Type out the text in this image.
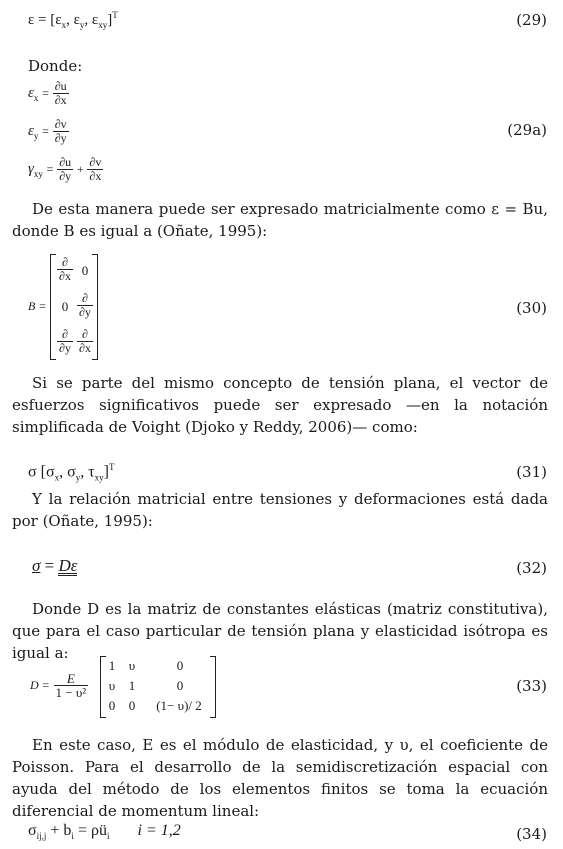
$\varepsilon = [\varepsilon_x$, $\varepsilon_y$, $\varepsilon_{xy}]^T$	(29)
Donde:
$\varepsilon_x = \frac{\partial u}{\partial x}$
$\varepsilon_y = \frac{\partial v}{\partial y}$	(29a)
$\gamma_{xy} = \frac{\partial u}{\partial y} + \frac{\partial v}{\partial x}$
De esta manera puede ser expresado matricialmente como ε = Bu, donde B es igual a (Oñate, 1995):
B =
$\frac{\partial}{\partial x} 0$
$0 \frac{\partial}{\partial y}$
$\frac{\partial}{\partial y} \frac{\partial}{\partial x}$
(30)
Si se parte del mismo concepto de tensión plana, el vector de esfuerzos significativos puede ser expresado —en la notación simplificada de Voight (Djoko y Reddy, 2006)— como:
σ [$\sigma_x$, $\sigma_y$, $\tau_{xy}]^T$	(31)
Y la relación matricial entre tensiones y deformaciones está dada por (Oñate, 1995):
σ = Dε	(32)
Donde D es la matriz de constantes elásticas (matriz constitutiva), que para el caso particular de tensión plana y elasticidad isótropa es igual a:
$D = \frac{E}{\text{1 − υ²}}$
1 υ	0
υ 1	0
0 0	(1− υ)/ 2
(33)
En este caso, E es el módulo de elasticidad, y υ, el coeficiente de Poisson. Para el desarrollo de la semidiscretización espacial con ayuda del método de los elementos finitos se toma la ecuación diferencial de momentum lineal:
$\sigma_{ij,j} + b_i$ = $\rho ü_i$ i = 1,2	(34)
